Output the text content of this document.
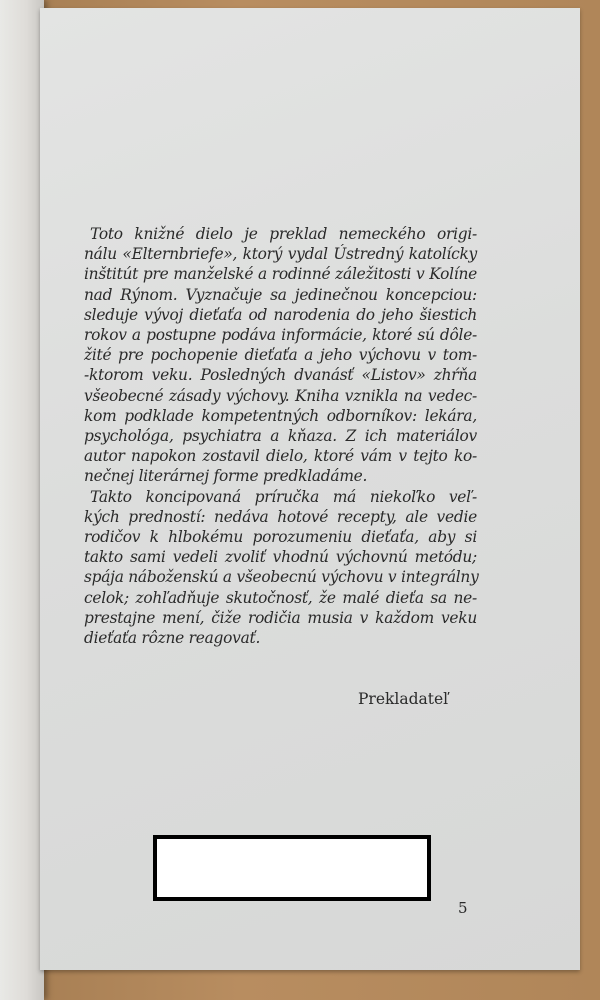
Toto knižné dielo je preklad nemeckého origi-
nálu «Elternbriefe», ktorý vydal Ústredný katolícky
inštitút pre manželské a rodinné záležitosti v Kolíne
nad Rýnom. Vyznačuje sa jedinečnou koncepciou:
sleduje vývoj dieťaťa od narodenia do jeho šiestich
rokov a postupne podáva informácie, ktoré sú dôle-
žité pre pochopenie dieťaťa a jeho výchovu v tom-
-ktorom veku. Posledných dvanásť «Listov» zhŕňa
všeobecné zásady výchovy. Kniha vznikla na vedec-
kom podklade kompetentných odborníkov: lekára,
psychológa, psychiatra a kňaza. Z ich materiálov
autor napokon zostavil dielo, ktoré vám v tejto ko-
nečnej literárnej forme predkladáme.
Takto koncipovaná príručka má niekoľko veľ-
kých predností: nedáva hotové recepty, ale vedie
rodičov k hlbokému porozumeniu dieťaťa, aby si
takto sami vedeli zvoliť vhodnú výchovnú metódu;
spája náboženskú a všeobecnú výchovu v integrálny
celok; zohľadňuje skutočnosť, že malé dieťa sa ne-
prestajne mení, čiže rodičia musia v každom veku
dieťaťa rôzne reagovať.
Prekladateľ
5
